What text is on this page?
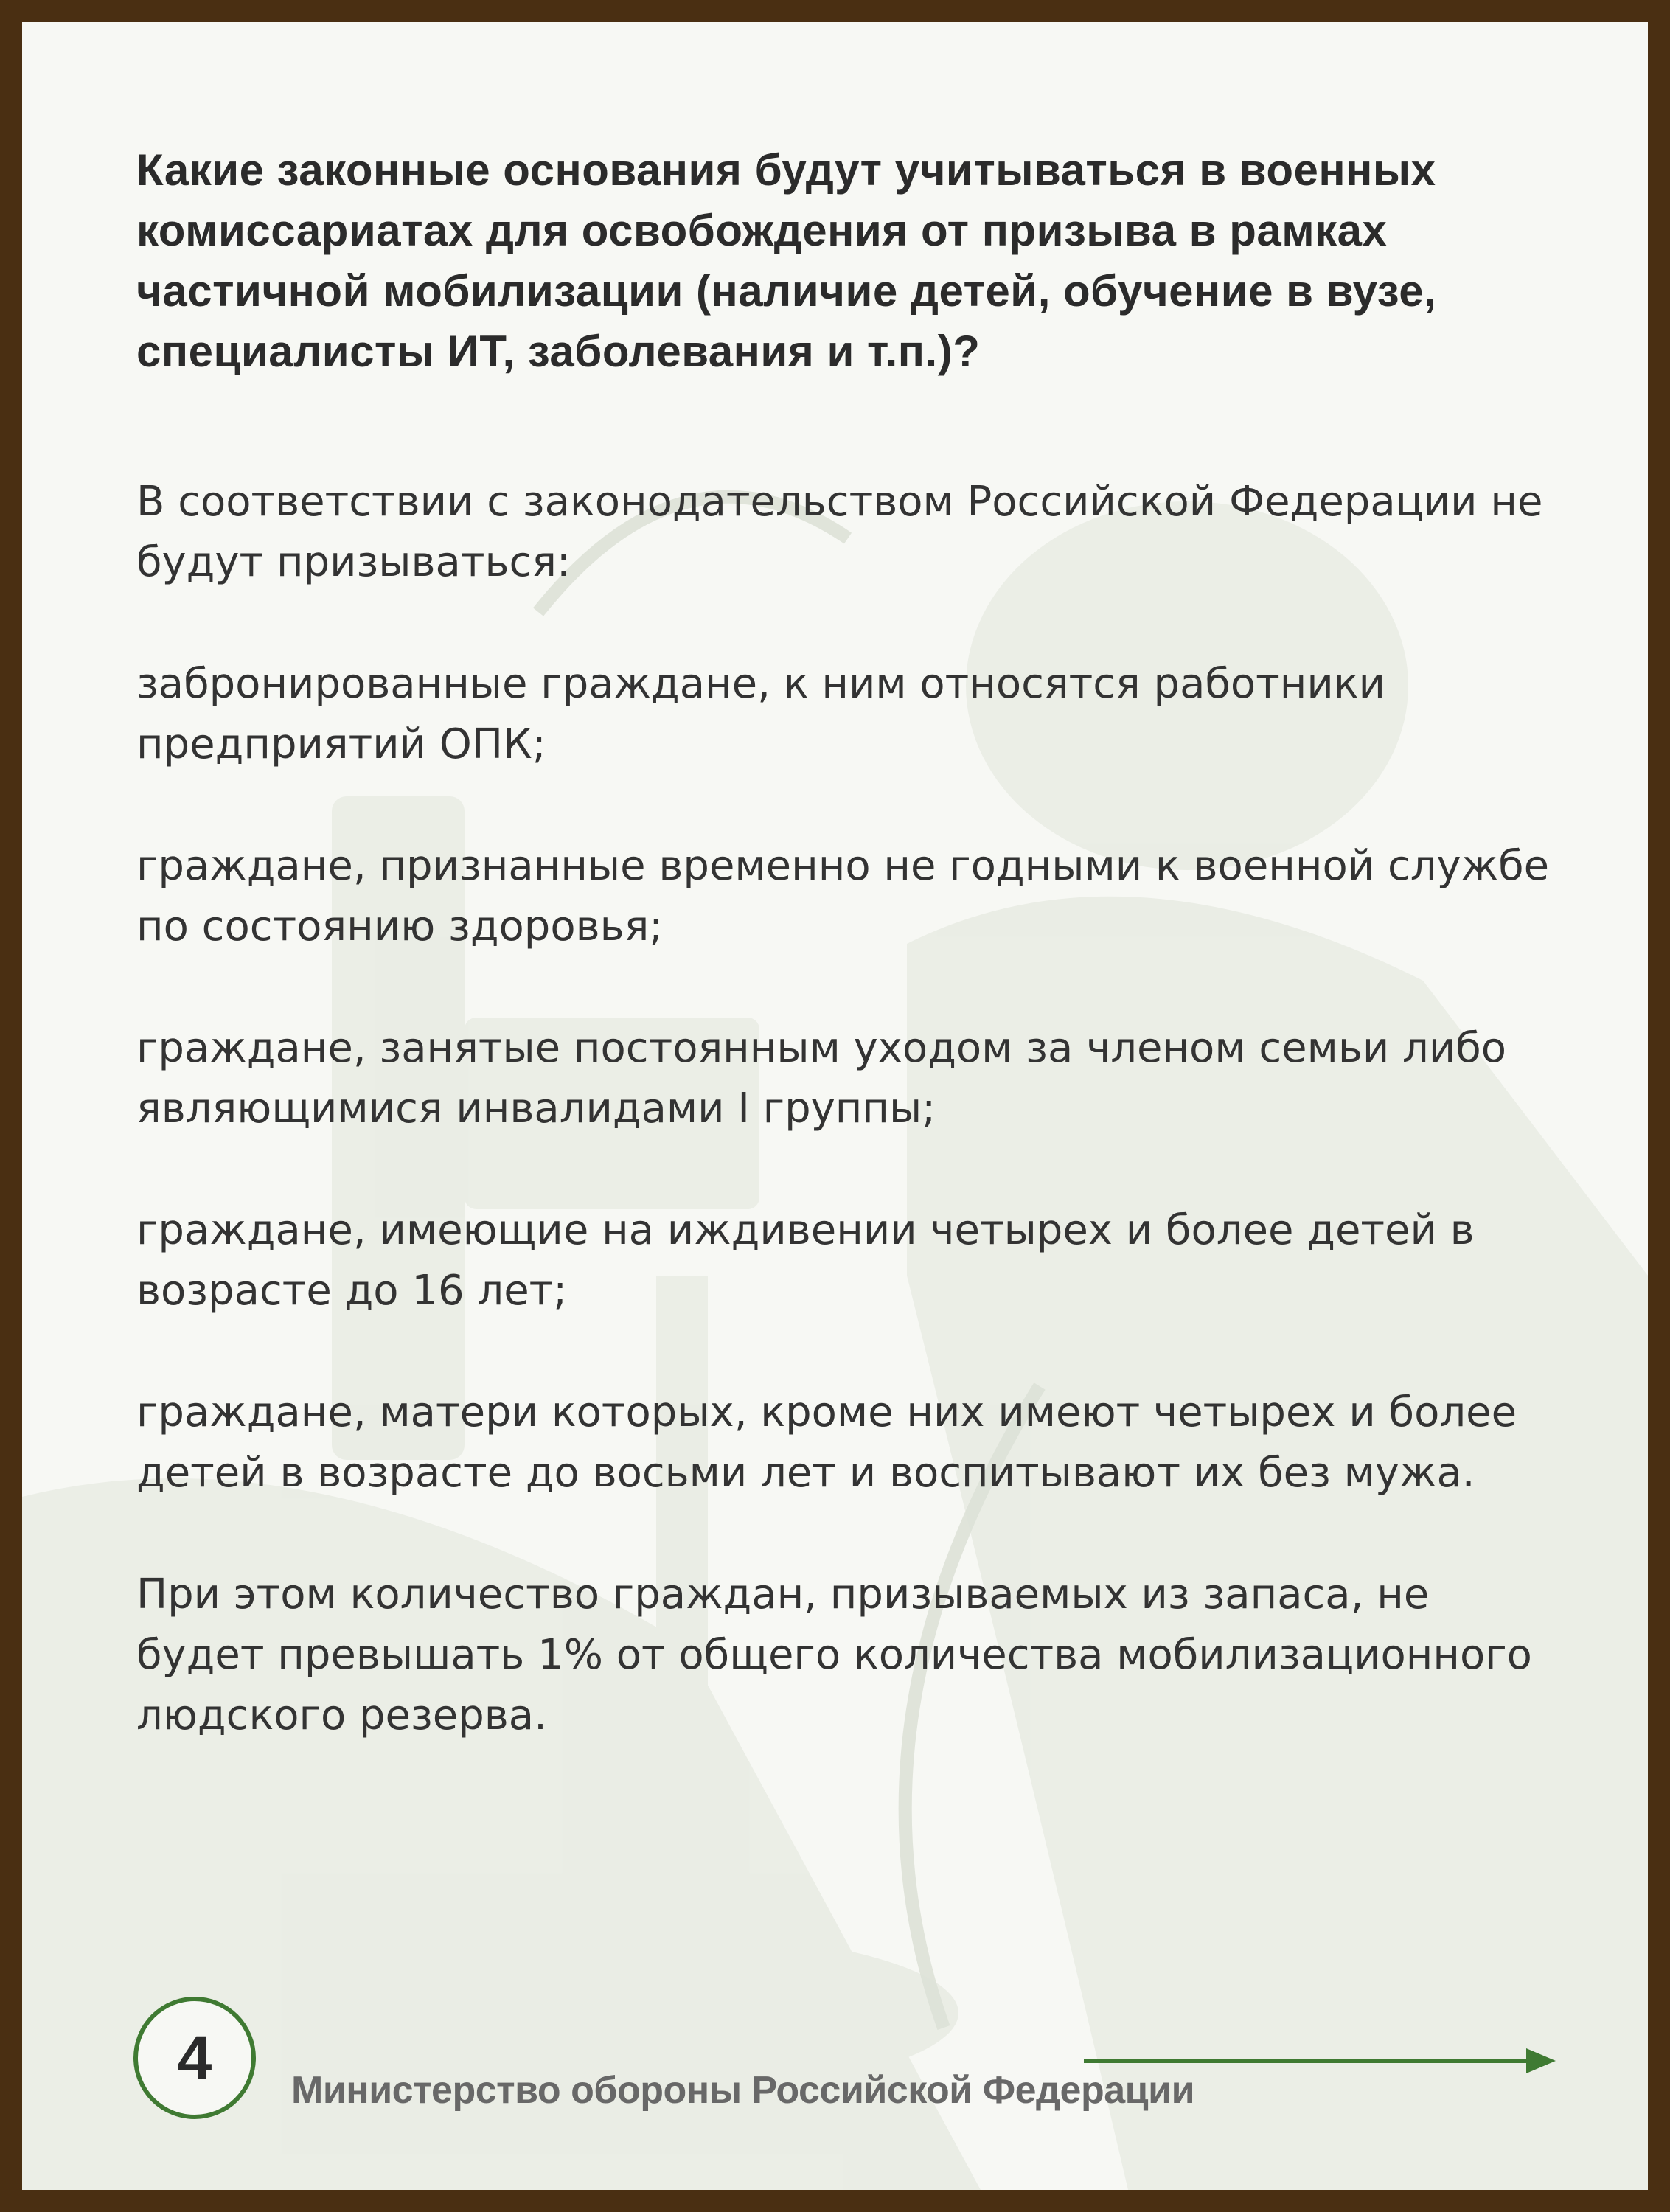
Какие законные основания будут учитываться в военных комиссариатах для освобождения от призыва в рамках частичной мобилизации (наличие детей, обучение в вузе, специалисты ИТ, заболевания и т.п.)?

В соответствии с законодательством Российской Федерации не будут призываться:

забронированные граждане, к ним относятся работники предприятий ОПК;

граждане, признанные временно не годными к военной службе по состоянию здоровья;

граждане, занятые постоянным уходом за членом семьи либо являющимися инвалидами I группы;

граждане, имеющие на иждивении четырех и более детей в возрасте до 16 лет;

граждане, матери которых, кроме них имеют четырех и более детей в возрасте до восьми лет и воспитывают их без мужа.

При этом количество граждан, призываемых из запаса, не будет превышать 1% от общего количества мобилизационного людского резерва.

4 Министерство обороны Российской Федерации
